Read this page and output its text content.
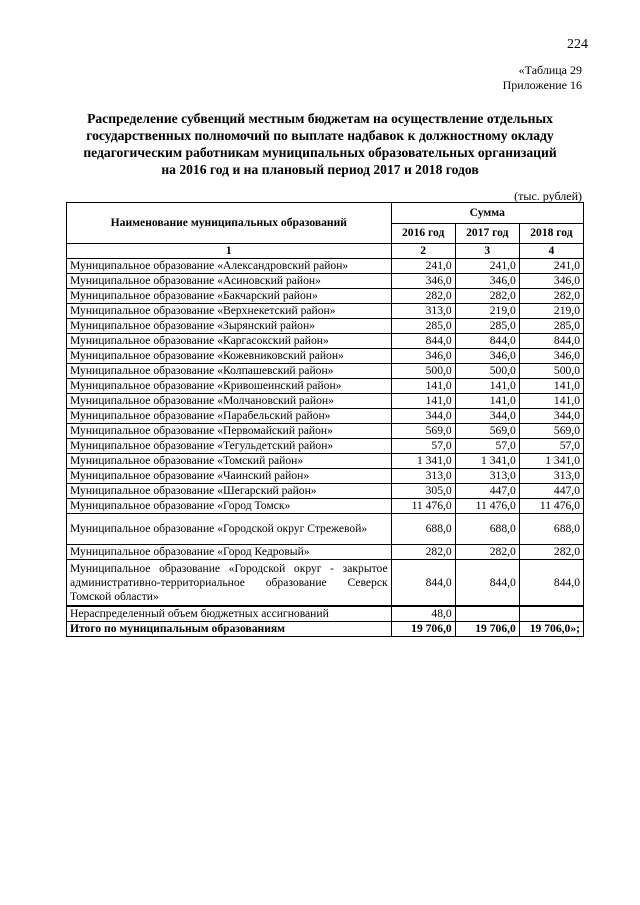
224
«Таблица 29
Приложение 16
Распределение субвенций местным бюджетам на осуществление отдельных
государственных полномочий по выплате надбавок к должностному окладу
педагогическим работникам муниципальных образовательных организаций
на 2016 год и на плановый период 2017 и 2018 годов
(тыс. рублей)
Наименование муниципальных образований	Сумма		
	2016 год	2017 год	2018 год
1	2	3	4
Муниципальное образование «Александровский район»	241,0	241,0	241,0
Муниципальное образование «Асиновский район»	346,0	346,0	346,0
Муниципальное образование «Бакчарский район»	282,0	282,0	282,0
Муниципальное образование «Верхнекетский район»	313,0	219,0	219,0
Муниципальное образование «Зырянский район»	285,0	285,0	285,0
Муниципальное образование «Каргасокский район»	844,0	844,0	844,0
Муниципальное образование «Кожевниковский район»	346,0	346,0	346,0
Муниципальное образование «Колпашевский район»	500,0	500,0	500,0
Муниципальное образование «Кривошеинский район»	141,0	141,0	141,0
Муниципальное образование «Молчановский район»	141,0	141,0	141,0
Муниципальное образование «Парабельский район»	344,0	344,0	344,0
Муниципальное образование «Первомайский район»	569,0	569,0	569,0
Муниципальное образование «Тегульдетский район»	57,0	57,0	57,0
Муниципальное образование «Томский район»	1 341,0	1 341,0	1 341,0
Муниципальное образование «Чаинский район»	313,0	313,0	313,0
Муниципальное образование «Шегарский район»	305,0	447,0	447,0
Муниципальное образование «Город Томск»	11 476,0	11 476,0	11 476,0
Муниципальное образование «Городской округ Стрежевой»	688,0	688,0	688,0
Муниципальное образование «Город Кедровый»	282,0	282,0	282,0
Муниципальное образование «Городской округ - закрытое административно-территориальное образование Северск Томской области»	844,0	844,0	844,0
Нераспределенный объем бюджетных ассигнований	48,0		
Итого по муниципальным образованиям	19 706,0	19 706,0	19 706,0»;
